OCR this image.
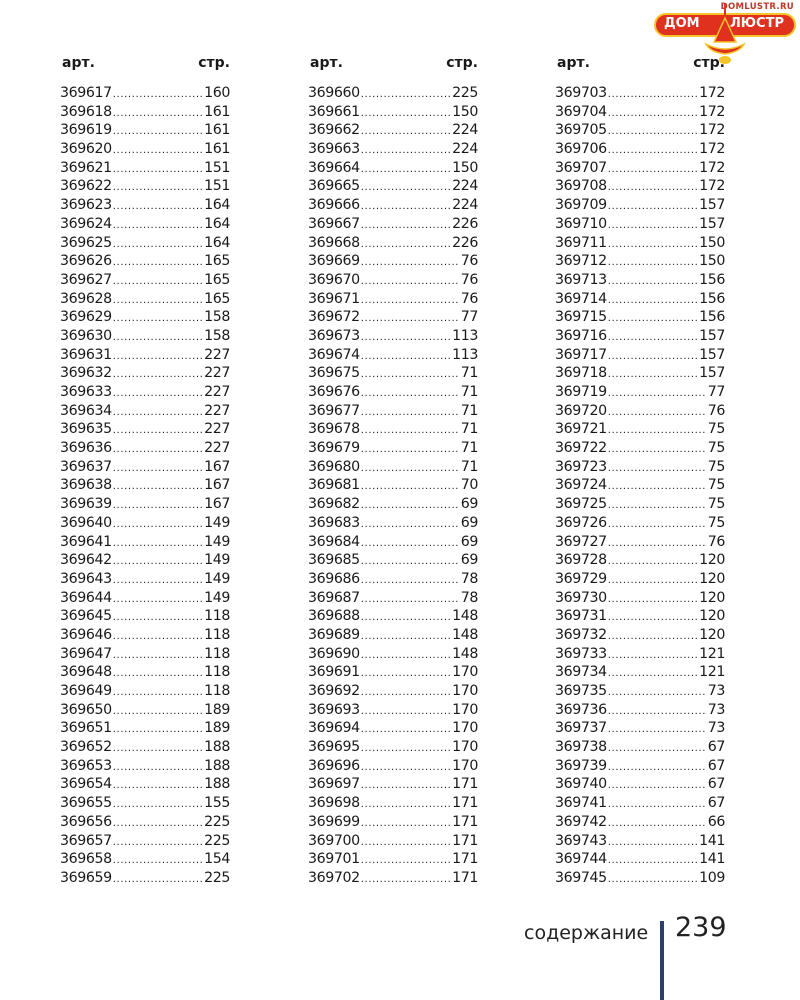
DOMLUSTR.RU
ДОМ ЛЮСТР
арт.	стр.
369617 .....	160
369618 .....	161
369619 .....	161
369620 .....	161
369621 .....	151
369622 .....	151
369623 .....	164
369624 .....	164
369625 .....	164
369626 .....	165
369627 .....	165
369628 .....	165
369629 .....	158
369630 .....	158
369631 .....	227
369632 .....	227
369633 .....	227
369634 .....	227
369635 .....	227
369636 .....	227
369637 .....	167
369638 .....	167
369639 .....	167
369640 .....	149
369641 .....	149
369642 .....	149
369643 .....	149
369644 .....	149
369645 .....	118
369646 .....	118
369647 .....	118
369648 .....	118
369649 .....	118
369650 .....	189
369651 .....	189
369652 .....	188
369653 .....	188
369654 .....	188
369655 .....	155
369656 .....	225
369657 .....	225
369658 .....	154
369659 .....	225
арт.	стр.
369660 .....	225
369661 .....	150
369662 .....	224
369663 .....	224
369664 .....	150
369665 .....	224
369666 .....	224
369667 .....	226
369668 .....	226
369669 .....	76
369670 .....	76
369671 .....	76
369672 .....	77
369673 .....	113
369674 .....	113
369675 .....	71
369676 .....	71
369677 .....	71
369678 .....	71
369679 .....	71
369680 .....	71
369681 .....	70
369682 .....	69
369683 .....	69
369684 .....	69
369685 .....	69
369686 .....	78
369687 .....	78
369688 .....	148
369689 .....	148
369690 .....	148
369691 .....	170
369692 .....	170
369693 .....	170
369694 .....	170
369695 .....	170
369696 .....	170
369697 .....	171
369698 .....	171
369699 .....	171
369700 .....	171
369701 .....	171
369702 .....	171
арт.	стр.
369703 .....	172
369704 .....	172
369705 .....	172
369706 .....	172
369707 .....	172
369708 .....	172
369709 .....	157
369710 .....	157
369711 .....	150
369712 .....	150
369713 .....	156
369714 .....	156
369715 .....	156
369716 .....	157
369717 .....	157
369718 .....	157
369719 .....	77
369720 .....	76
369721 .....	75
369722 .....	75
369723 .....	75
369724 .....	75
369725 .....	75
369726 .....	75
369727 .....	76
369728 .....	120
369729 .....	120
369730 .....	120
369731 .....	120
369732 .....	120
369733 .....	121
369734 .....	121
369735 .....	73
369736 .....	73
369737 .....	73
369738 .....	67
369739 .....	67
369740 .....	67
369741 .....	67
369742 .....	66
369743 .....	141
369744 .....	141
369745 .....	109
содержание 239
